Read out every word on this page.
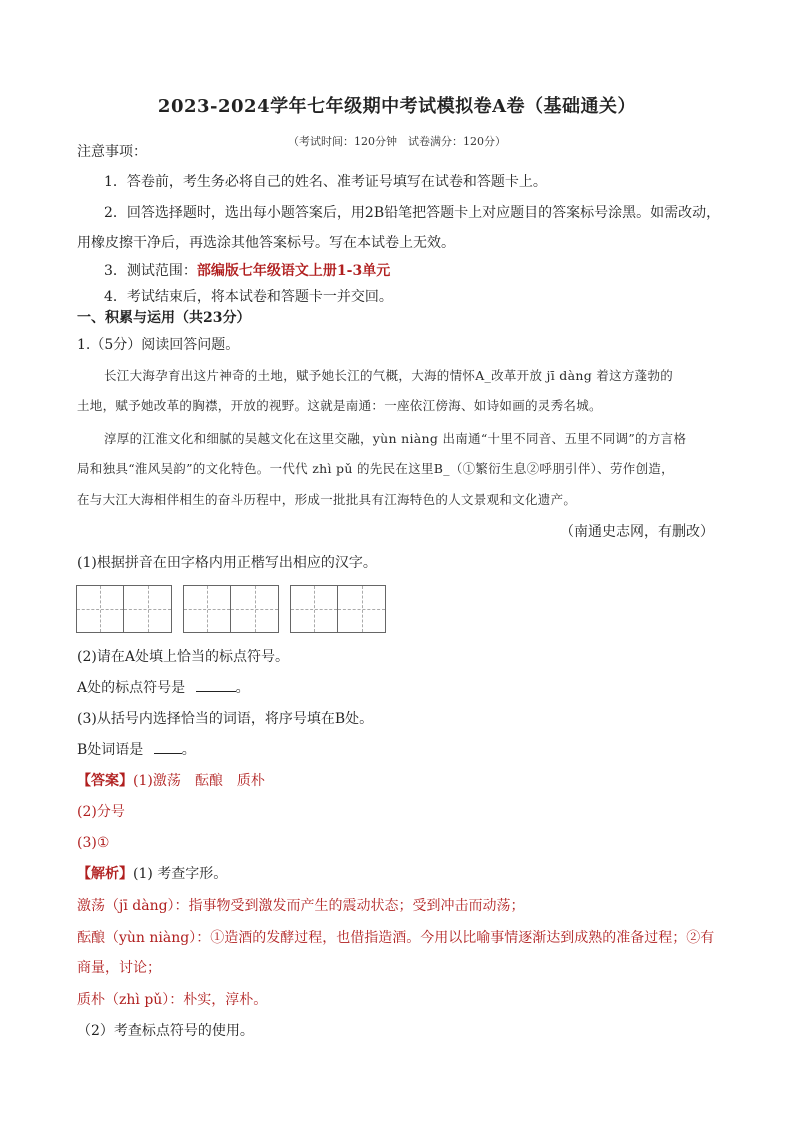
2023-2024学年七年级期中考试模拟卷A卷（基础通关）
（考试时间：120分钟　试卷满分：120分）
注意事项：
1．答卷前，考生务必将自己的姓名、准考证号填写在试卷和答题卡上。
2．回答选择题时，选出每小题答案后，用2B铅笔把答题卡上对应题目的答案标号涂黑。如需改动，
用橡皮擦干净后，再选涂其他答案标号。写在本试卷上无效。
3．测试范围：部编版七年级语文上册1-3单元
4．考试结束后，将本试卷和答题卡一并交回。
一、积累与运用（共23分）
1.（5分）阅读回答问题。
长江大海孕育出这片神奇的土地，赋予她长江的气概，大海的情怀A_改革开放 jī dàng 着这方蓬勃的
土地，赋予她改革的胸襟，开放的视野。这就是南通：一座依江傍海、如诗如画的灵秀名城。
淳厚的江淮文化和细腻的吴越文化在这里交融，yùn niàng 出南通“十里不同音、五里不同调”的方言格
局和独具“淮风吴韵”的文化特色。一代代 zhì pǔ 的先民在这里B_（①繁衍生息②呼朋引伴）、劳作创造，
在与大江大海相伴相生的奋斗历程中，形成一批批具有江海特色的人文景观和文化遗产。
（南通史志网，有删改）
(1)根据拼音在田字格内用正楷写出相应的汉字。
(2)请在A处填上恰当的标点符号。
A处的标点符号是	。
(3)从括号内选择恰当的词语，将序号填在B处。
B处词语是	。
【答案】(1)激荡　酝酿　质朴
(2)分号
(3)①
【解析】(1) 考查字形。
激荡（jī dàng）：指事物受到激发而产生的震动状态；受到冲击而动荡；
酝酿（yùn niàng）：①造酒的发酵过程，也借指造酒。今用以比喻事情逐渐达到成熟的准备过程；②有
商量，讨论；
质朴（zhì pǔ）：朴实，淳朴。
（2）考查标点符号的使用。
